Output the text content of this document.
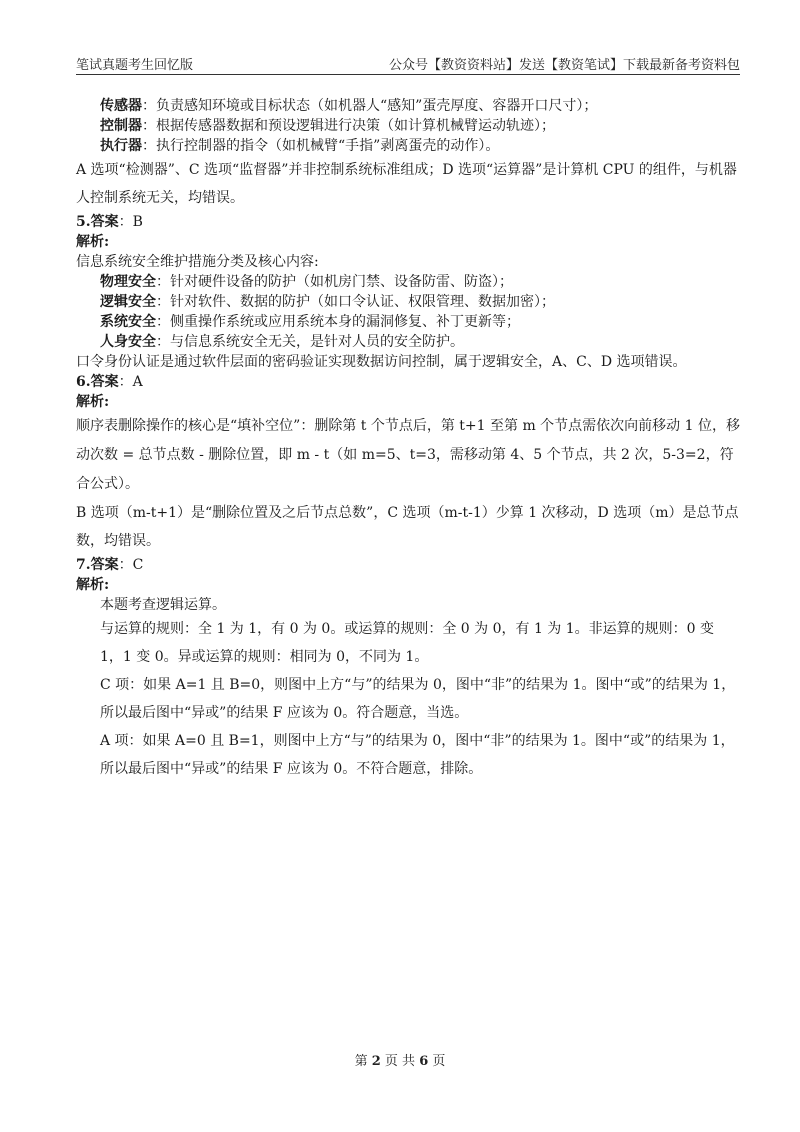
笔试真题考生回忆版	公众号【教资资料站】发送【教资笔试】下载最新备考资料包

传感器：负责感知环境或目标状态（如机器人“感知”蛋壳厚度、容器开口尺寸）；

控制器：根据传感器数据和预设逻辑进行决策（如计算机械臂运动轨迹）；

执行器：执行控制器的指令（如机械臂“手指”剥离蛋壳的动作）。

A 选项“检测器”、C 选项“监督器”并非控制系统标准组成；D 选项“运算器”是计算机 CPU 的组件，与机器人控制系统无关，均错误。

5.答案：B

解析:

信息系统安全维护措施分类及核心内容:

物理安全：针对硬件设备的防护（如机房门禁、设备防雷、防盗）；

逻辑安全：针对软件、数据的防护（如口令认证、权限管理、数据加密）；

系统安全：侧重操作系统或应用系统本身的漏洞修复、补丁更新等；

人身安全：与信息系统安全无关，是针对人员的安全防护。

口令身份认证是通过软件层面的密码验证实现数据访问控制，属于逻辑安全，A、C、D 选项错误。

6.答案：A

解析:

顺序表删除操作的核心是“填补空位”：删除第 t 个节点后，第 t+1 至第 m 个节点需依次向前移动 1 位，移动次数 = 总节点数 - 删除位置，即 m - t（如 m=5、t=3，需移动第 4、5 个节点，共 2 次，5-3=2，符合公式）。

B 选项（m-t+1）是“删除位置及之后节点总数”，C 选项（m-t-1）少算 1 次移动，D 选项（m）是总节点数，均错误。

7.答案：C

解析:

本题考查逻辑运算。

与运算的规则：全 1 为 1，有 0 为 0。或运算的规则：全 0 为 0，有 1 为 1。非运算的规则：0 变 1，1 变 0。异或运算的规则：相同为 0，不同为 1。

C 项：如果 A=1 且 B=0，则图中上方“与”的结果为 0，图中“非”的结果为 1。图中“或”的结果为 1，所以最后图中“异或”的结果 F 应该为 0。符合题意，当选。

A 项：如果 A=0 且 B=1，则图中上方“与”的结果为 0，图中“非”的结果为 1。图中“或”的结果为 1，所以最后图中“异或”的结果 F 应该为 0。不符合题意，排除。

第 2 页 共 6 页
